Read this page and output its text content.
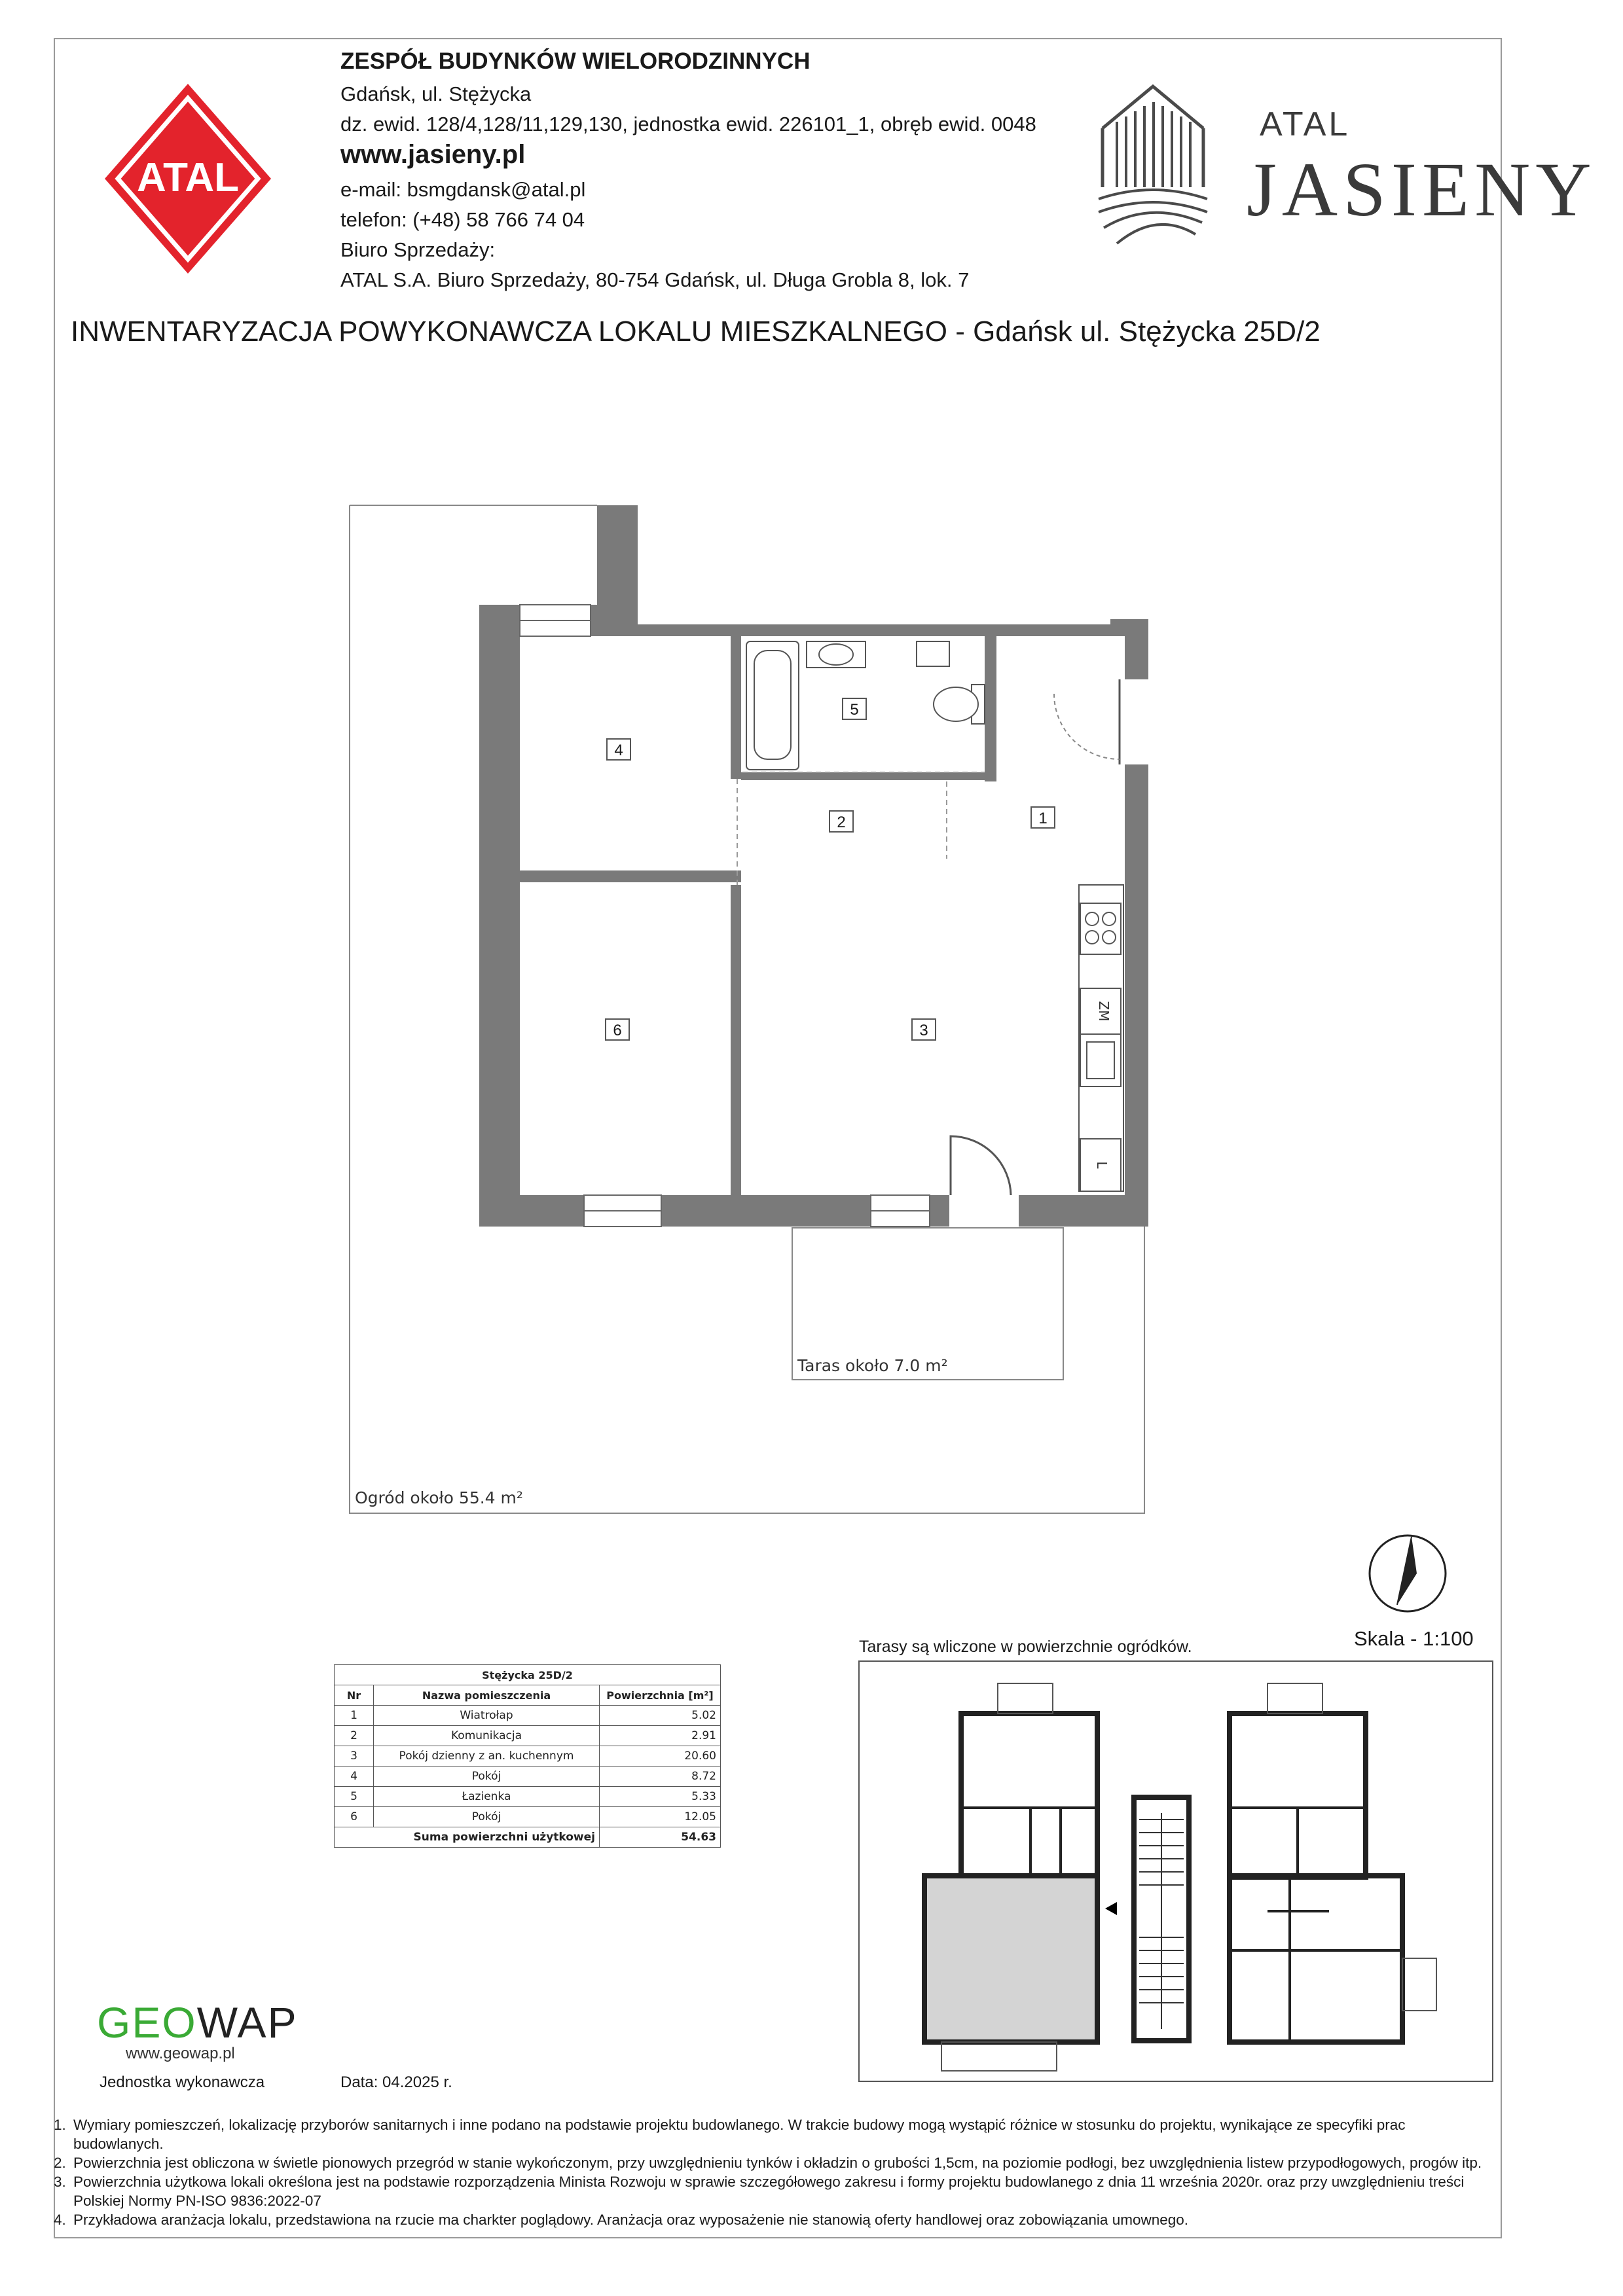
ATAL
ZESPÓŁ BUDYNKÓW WIELORODZINNYCH
Gdańsk, ul. Stężycka
dz. ewid. 128/4,128/11,129,130, jednostka ewid. 226101_1, obręb ewid. 0048
www.jasieny.pl
e-mail: bsmgdansk@atal.pl
telefon: (+48) 58 766 74 04
Biuro Sprzedaży:
ATAL S.A. Biuro Sprzedaży, 80-754 Gdańsk, ul. Długa Grobla 8, lok. 7
ATAL
JASIENY
INWENTARYZACJA POWYKONAWCZA LOKALU MIESZKALNEGO - Gdańsk ul. Stężycka 25D/2
ZM
L
1
2
3
4
5
6
Taras około 7.0 m²
Ogród około 55.4 m²
Skala - 1:100
Stężycka 25D/2		
Nr	Nazwa pomieszczenia	Powierzchnia [m²]
1	Wiatrołap	5.02
2	Komunikacja	2.91
3	Pokój dzienny z an. kuchennym	20.60
4	Pokój	8.72
5	Łazienka	5.33
6	Pokój	12.05
Suma powierzchni użytkowej		54.63
Tarasy są wliczone w powierzchnie ogródków.
GEOWAP
www.geowap.pl
Jednostka wykonawcza	Data: 04.2025 r.
1. Wymiary pomieszczeń, lokalizację przyborów sanitarnych i inne podano na podstawie projektu budowlanego. W trakcie budowy mogą wystąpić różnice w stosunku do projektu, wynikające ze specyfiki prac budowlanych.
2. Powierzchnia jest obliczona w świetle pionowych przegród w stanie wykończonym, przy uwzględnieniu tynków i okładzin o grubości 1,5cm, na poziomie podłogi, bez uwzględnienia listew przypodłogowych, progów itp.
3. Powierzchnia użytkowa lokali określona jest na podstawie rozporządzenia Minista Rozwoju w sprawie szczegółowego zakresu i formy projektu budowlanego z dnia 11 września 2020r. oraz przy uwzględnieniu treści Polskiej Normy PN-ISO 9836:2022-07
4. Przykładowa aranżacja lokalu, przedstawiona na rzucie ma charkter poglądowy. Aranżacja oraz wyposażenie nie stanowią oferty handlowej oraz zobowiązania umownego.
